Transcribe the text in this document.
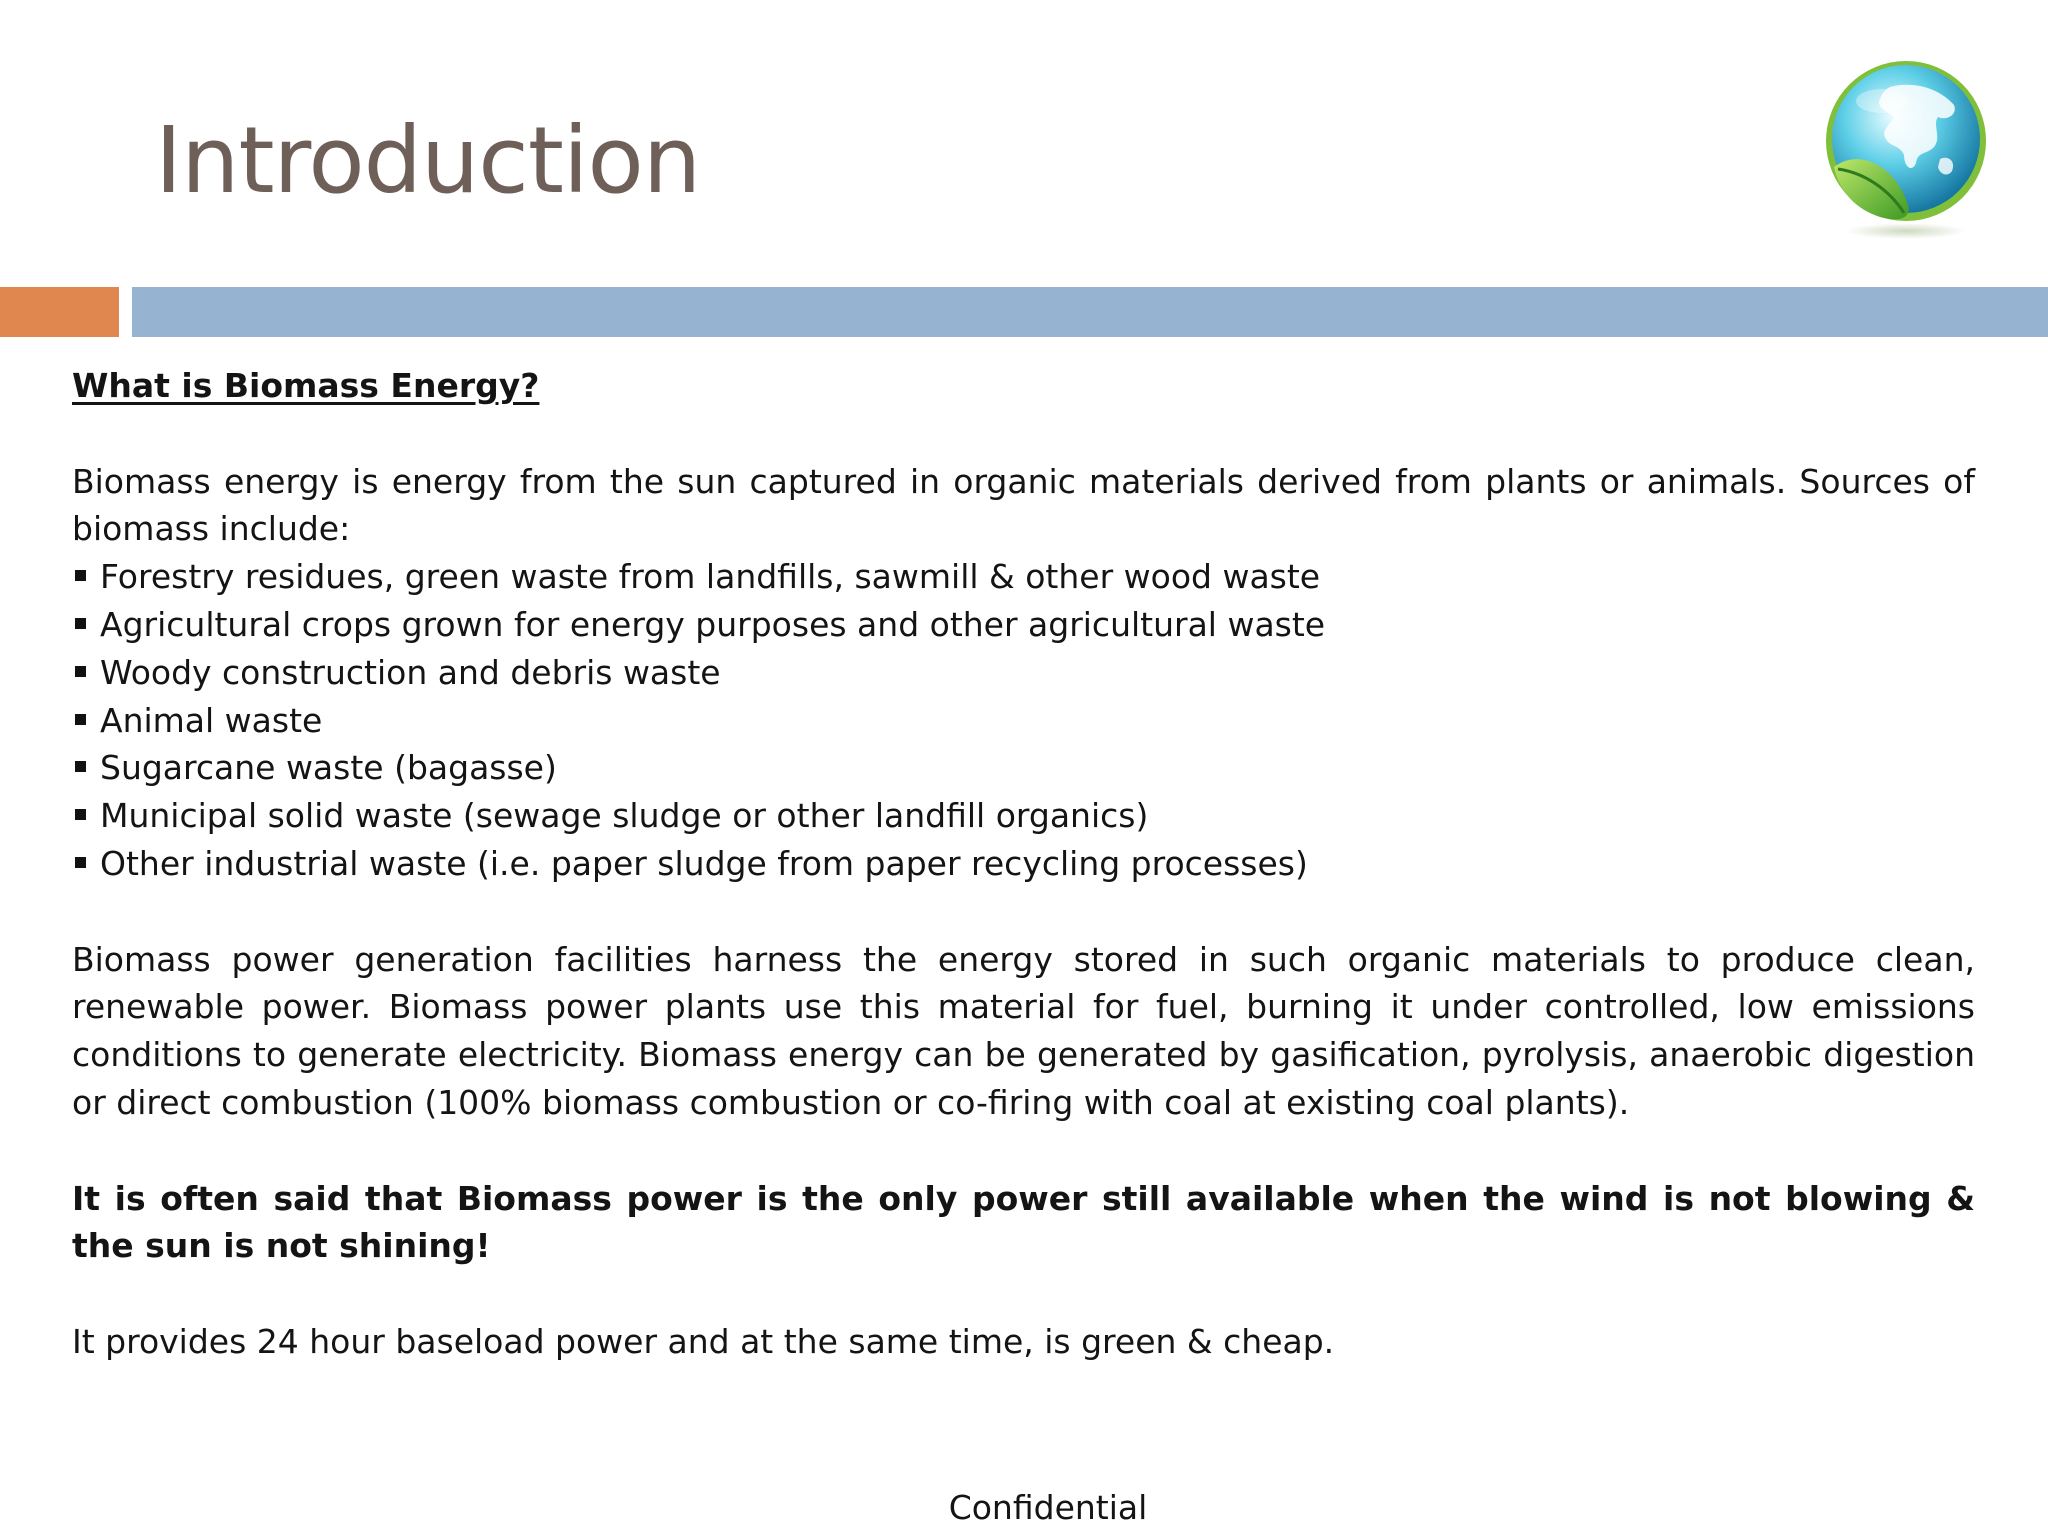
Introduction

What is Biomass Energy?

Biomass energy is energy from the sun captured in organic materials derived from plants or animals. Sources of biomass include:

Forestry residues, green waste from landfills, sawmill & other wood waste
Agricultural crops grown for energy purposes and other agricultural waste
Woody construction and debris waste
Animal waste
Sugarcane waste (bagasse)
Municipal solid waste (sewage sludge or other landfill organics)
Other industrial waste (i.e. paper sludge from paper recycling processes)

Biomass power generation facilities harness the energy stored in such organic materials to produce clean, renewable power. Biomass power plants use this material for fuel, burning it under controlled, low emissions conditions to generate electricity. Biomass energy can be generated by gasification, pyrolysis, anaerobic digestion or direct combustion (100% biomass combustion or co-firing with coal at existing coal plants).

It is often said that Biomass power is the only power still available when the wind is not blowing & the sun is not shining!

It provides 24 hour baseload power and at the same time, is green & cheap.

Confidential
